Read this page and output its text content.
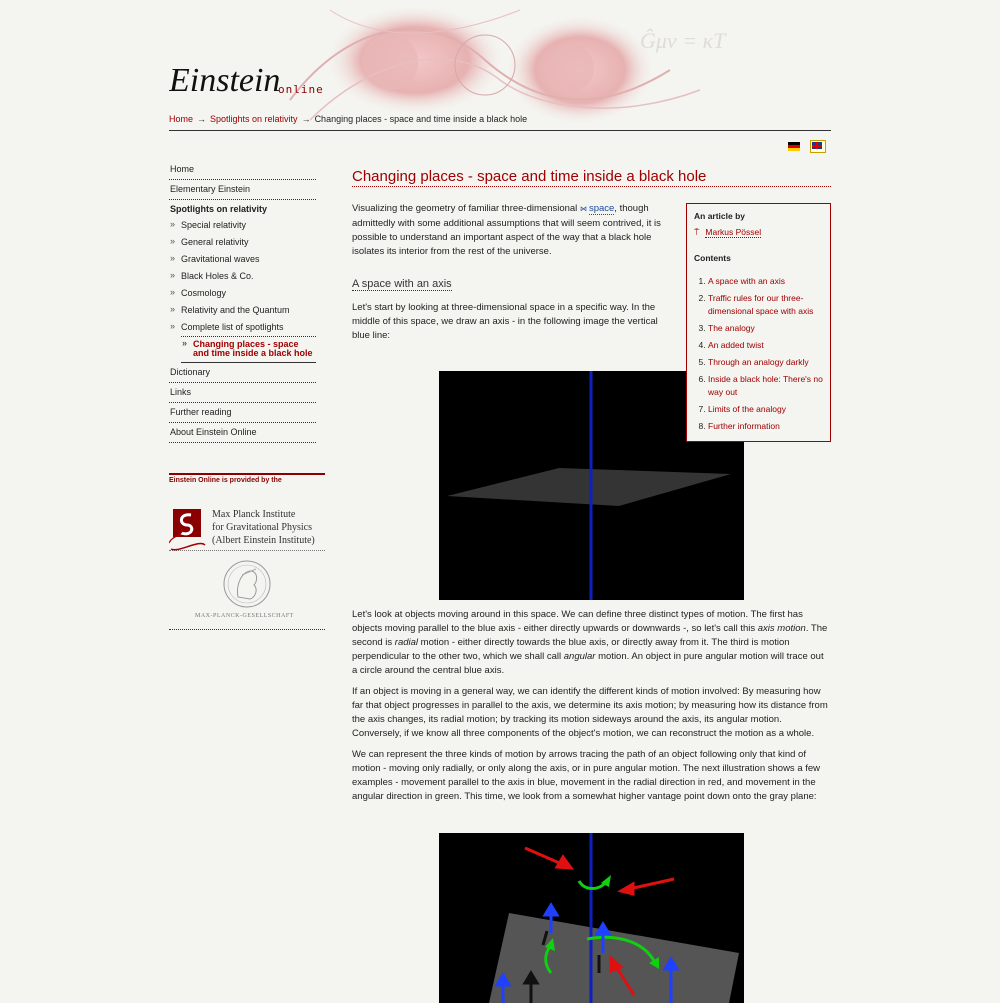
Ĝμν = κT
Einstein
online
Home → Spotlights on relativity → Changing places - space and time inside a black hole

Home
Elementary Einstein
Spotlights on relativity
» Special relativity
» General relativity
» Gravitational waves
» Black Holes & Co.
» Cosmology
» Relativity and the Quantum
» Complete list of spotlights
» Changing places - space and time inside a black hole
Dictionary
Links
Further reading
About Einstein Online
Einstein Online is provided by the
Max Planck Institute
for Gravitational Physics
(Albert Einstein Institute)
MAX-PLANCK-GESELLSCHAFT
Changing places - space and time inside a black hole

Visualizing the geometry of familiar three-dimensional ⋈ space, though admittedly with some additional assumptions that will seem contrived, it is possible to understand an important aspect of the way that a black hole isolates its interior from the rest of the universe.

A space with an axis

Let's start by looking at three-dimensional space in a specific way. In the middle of this space, we draw an axis - in the following image the vertical blue line:

Let's look at objects moving around in this space. We can define three distinct types of motion. The first has objects moving parallel to the blue axis - either directly upwards or downwards -, so let's call this axis motion. The second is radial motion - either directly towards the blue axis, or directly away from it. The third is motion perpendicular to the other two, which we shall call angular motion. An object in pure angular motion will trace out a circle around the central blue axis.

If an object is moving in a general way, we can identify the different kinds of motion involved: By measuring how far that object progresses in parallel to the axis, we determine its axis motion; by measuring how its distance from the axis changes, its radial motion; by tracking its motion sideways around the axis, its angular motion. Conversely, if we know all three components of the object's motion, we can reconstruct the motion as a whole.

We can represent the three kinds of motion by arrows tracing the path of an object following only that kind of motion - moving only radially, or only along the axis, or in pure angular motion. The next illustration shows a few examples - movement parallel to the axis in blue, movement in the radial direction in red, and movement in the angular direction in green. This time, we look from a somewhat higher vantage point down onto the gray plane:

An article by
⍑ Markus Pössel
Contents
1. A space with an axis
2. Traffic rules for our three-dimensional space with axis
3. The analogy
4. An added twist
5. Through an analogy darkly
6. Inside a black hole: There's no way out
7. Limits of the analogy
8. Further information
